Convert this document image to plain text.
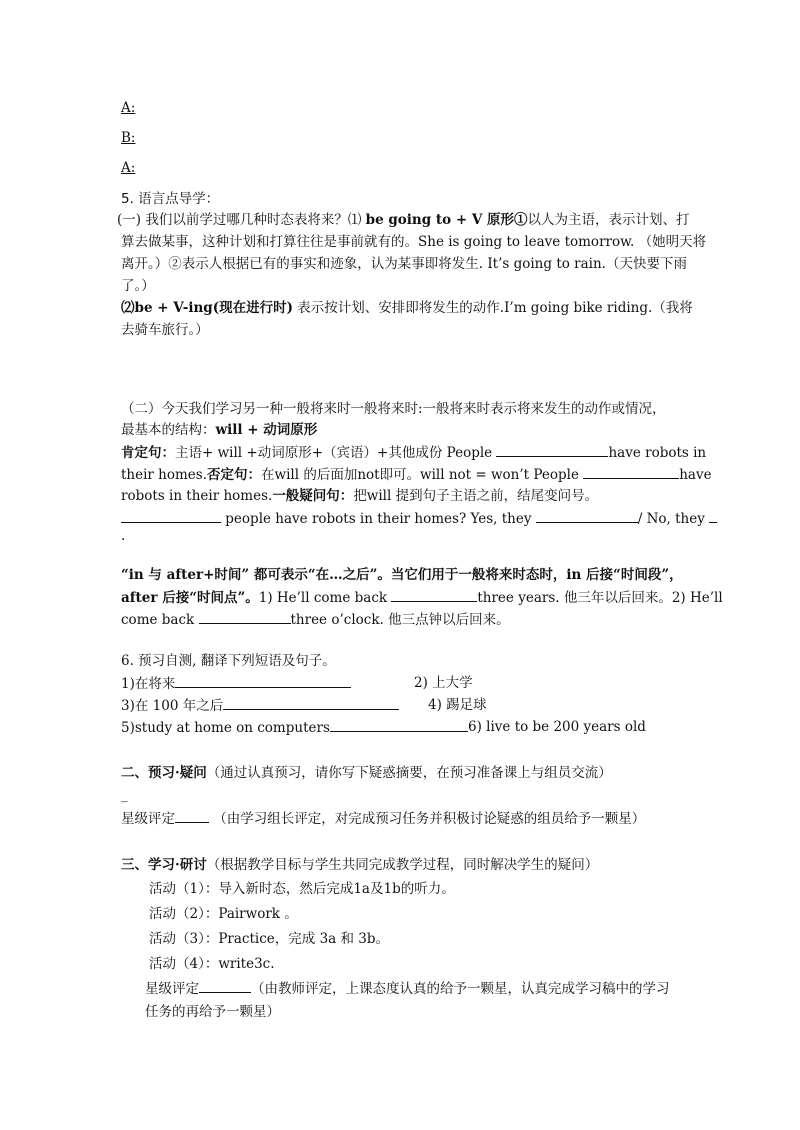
A:
B:
A:
5. 语言点导学：
(一) 我们以前学过哪几种时态表将来？⑴ be going to + V 原形①以人为主语，表示计划、打
算去做某事，这种计划和打算往往是事前就有的。She is going to leave tomorrow. （她明天将
离开。）②表示人根据已有的事实和迹象，认为某事即将发生. It’s going to rain.（天快要下雨
了。）
⑵be + V-ing(现在进行时) 表示按计划、安排即将发生的动作.I’m going bike riding.（我将
去骑车旅行。）
（二）今天我们学习另一种一般将来时一般将来时:一般将来时表示将来发生的动作或情况，
最基本的结构：will + 动词原形
肯定句：主语+ will +动词原形+（宾语）+其他成份 People	have robots in
their homes.否定句：在will 的后面加not即可。will not = won’t People	have
robots in their homes.一般疑问句：把will 提到句子主语之前，结尾变问号。
people have robots in their homes? Yes, they	/ No, they
.
“in 与 after+时间” 都可表示“在…之后”。当它们用于一般将来时态时，in 后接“时间段”，
after 后接“时间点”。1) He’ll come back	three years. 他三年以后回来。2) He’ll
come back	three o’clock. 他三点钟以后回来。
6. 预习自测, 翻译下列短语及句子。
1)在将来	2) 上大学
3)在 100 年之后	4) 踢足球
5)study at home on computers	6) live to be 200 years old
二、预习·疑问（通过认真预习，请你写下疑惑摘要，在预习准备课上与组员交流）
_
星级评定	（由学习组长评定，对完成预习任务并积极讨论疑惑的组员给予一颗星）
三、学习·研讨（根据教学目标与学生共同完成教学过程，同时解决学生的疑问）
活动（1）：导入新时态，然后完成1a及1b的听力。
活动（2）：Pairwork 。
活动（3）：Practice，完成 3a 和 3b。
活动（4）：write3c.
星级评定	（由教师评定，上课态度认真的给予一颗星，认真完成学习稿中的学习
任务的再给予一颗星）
